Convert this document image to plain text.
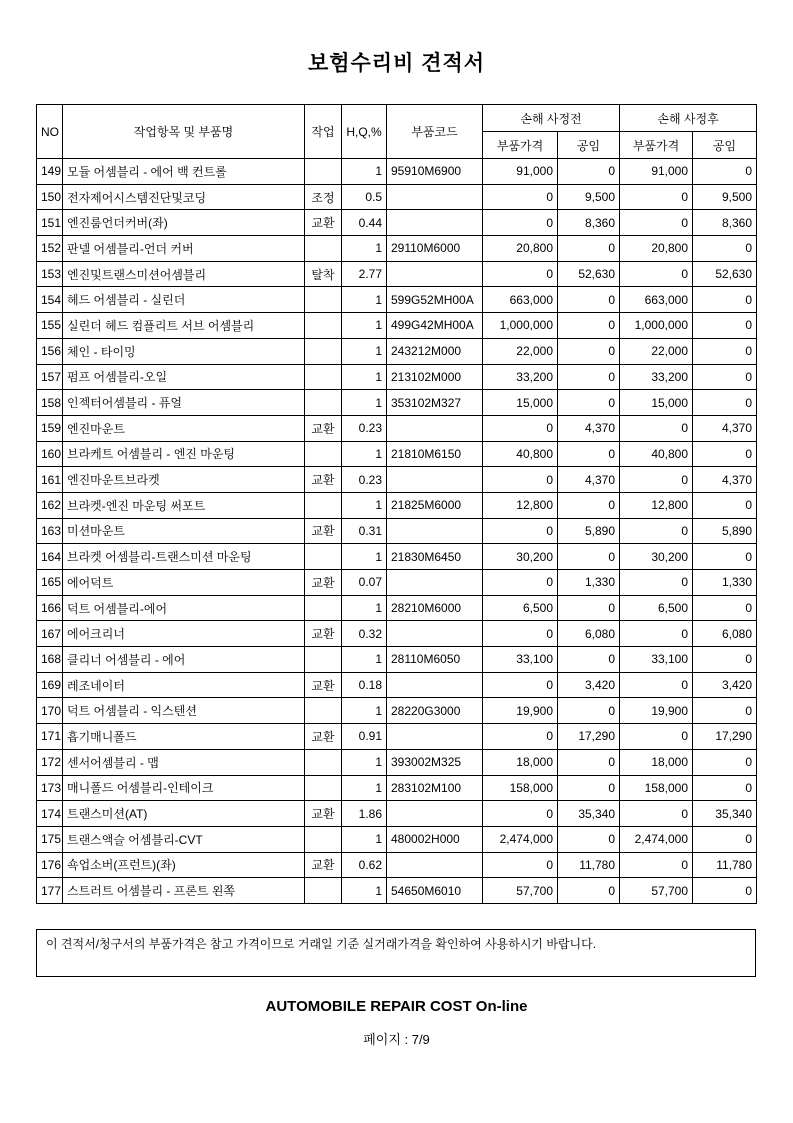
보험수리비 견적서
NO	작업항목 및 부품명	작업	H,Q,%	부품코드	손해 사정전		손해 사정후	
					부품가격	공임	부품가격	공임
149	모듈 어셈블리 - 에어 백 컨트롤		1	95910M6900	91,000	0	91,000	0
150	전자제어시스템진단및코딩	조정	0.5		0	9,500	0	9,500
151	엔진룸언더커버(좌)	교환	0.44		0	8,360	0	8,360
152	판넬 어셈블리-언더 커버		1	29110M6000	20,800	0	20,800	0
153	엔진및트랜스미션어셈블리	탈착	2.77		0	52,630	0	52,630
154	헤드 어셈블리 - 실린더		1	599G52MH00A	663,000	0	663,000	0
155	실린더 헤드 컴플리트 서브 어셈블리		1	499G42MH00A	1,000,000	0	1,000,000	0
156	체인 - 타이밍		1	243212M000	22,000	0	22,000	0
157	펌프 어셈블리-오일		1	213102M000	33,200	0	33,200	0
158	인젝터어셈블리 - 퓨얼		1	353102M327	15,000	0	15,000	0
159	엔진마운트	교환	0.23		0	4,370	0	4,370
160	브라케트 어셈블리 - 엔진 마운팅		1	21810M6150	40,800	0	40,800	0
161	엔진마운트브라켓	교환	0.23		0	4,370	0	4,370
162	브라켓-엔진 마운팅 써포트		1	21825M6000	12,800	0	12,800	0
163	미션마운트	교환	0.31		0	5,890	0	5,890
164	브라켓 어셈블리-트랜스미션 마운팅		1	21830M6450	30,200	0	30,200	0
165	에어덕트	교환	0.07		0	1,330	0	1,330
166	덕트 어셈블리-에어		1	28210M6000	6,500	0	6,500	0
167	에어크리너	교환	0.32		0	6,080	0	6,080
168	클리너 어셈블리 - 에어		1	28110M6050	33,100	0	33,100	0
169	레조네이터	교환	0.18		0	3,420	0	3,420
170	덕트 어셈블리 - 익스텐션		1	28220G3000	19,900	0	19,900	0
171	흡기매니폴드	교환	0.91		0	17,290	0	17,290
172	센서어셈블리 - 맵		1	393002M325	18,000	0	18,000	0
173	매니폴드 어셈블리-인테이크		1	283102M100	158,000	0	158,000	0
174	트랜스미션(AT)	교환	1.86		0	35,340	0	35,340
175	트랜스액슬 어셈블리-CVT		1	480002H000	2,474,000	0	2,474,000	0
176	쇽업소버(프런트)(좌)	교환	0.62		0	11,780	0	11,780
177	스트러트 어셈블리 - 프론트 왼쪽		1	54650M6010	57,700	0	57,700	0
이 견적서/청구서의 부품가격은 참고 가격이므로 거래일 기준 실거래가격을 확인하여 사용하시기 바랍니다.
AUTOMOBILE REPAIR COST On-line
페이지 : 7/9
